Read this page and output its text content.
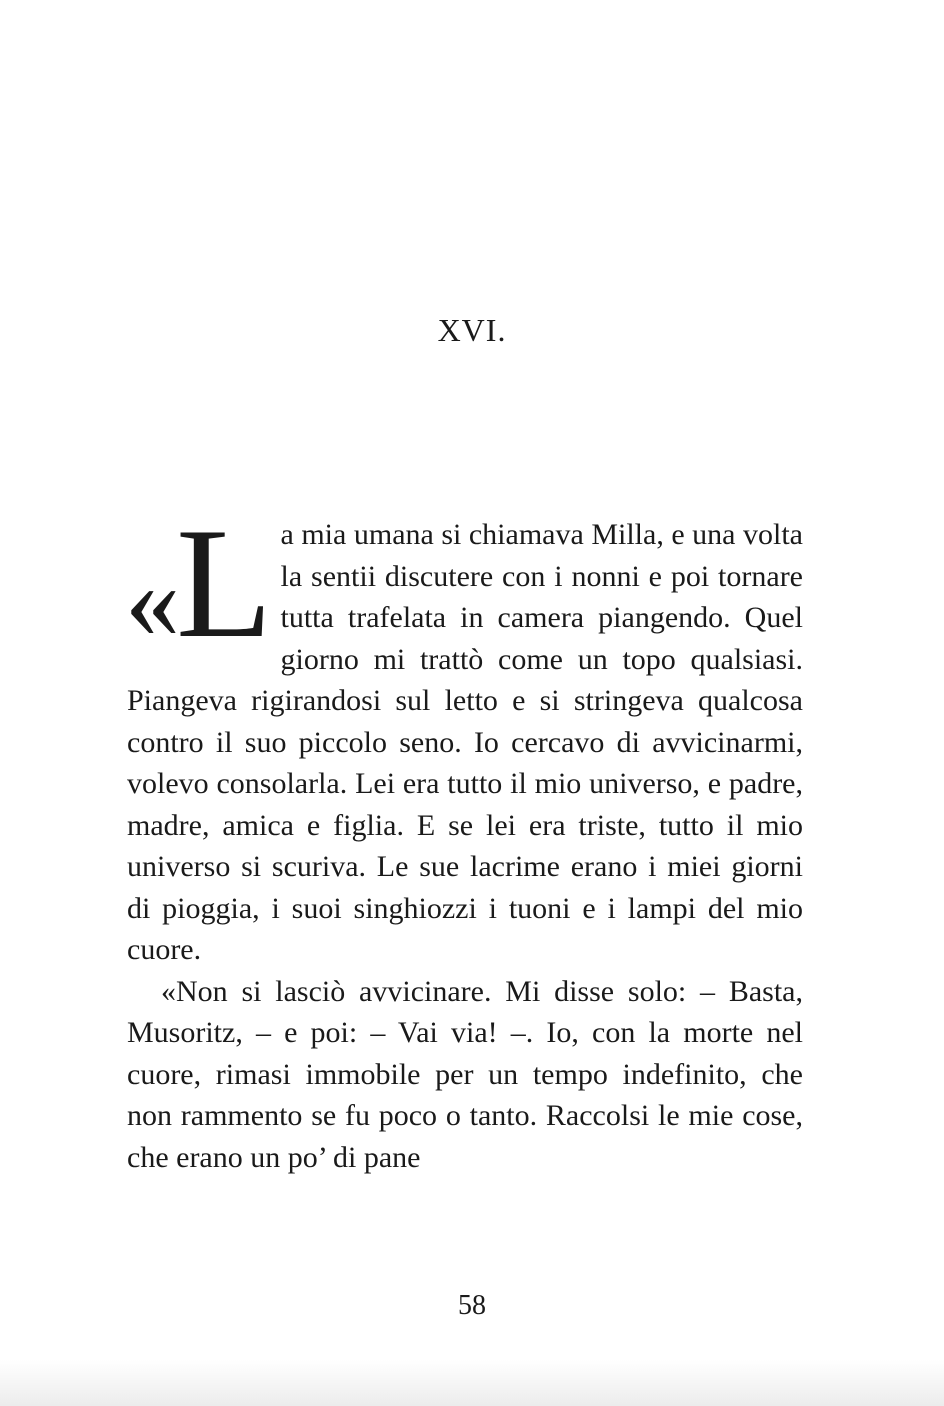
XVI.

« L a mia umana si chiamava Milla, e una volta la sentii discutere con i nonni e poi tornare tutta trafelata in camera piangendo. Quel giorno mi trattò come un topo qualsiasi. Piangeva rigirandosi sul letto e si stringeva qualcosa contro il suo piccolo seno. Io cercavo di avvicinarmi, volevo consolarla. Lei era tutto il mio universo, e padre, madre, amica e figlia. E se lei era triste, tutto il mio universo si scuriva. Le sue lacrime erano i miei giorni di pioggia, i suoi singhiozzi i tuoni e i lampi del mio cuore.

«Non si lasciò avvicinare. Mi disse solo: – Basta, Musoritz, – e poi: – Vai via! –. Io, con la morte nel cuore, rimasi immobile per un tempo indefinito, che non rammento se fu poco o tanto. Raccolsi le mie cose, che erano un po’ di pane

58
